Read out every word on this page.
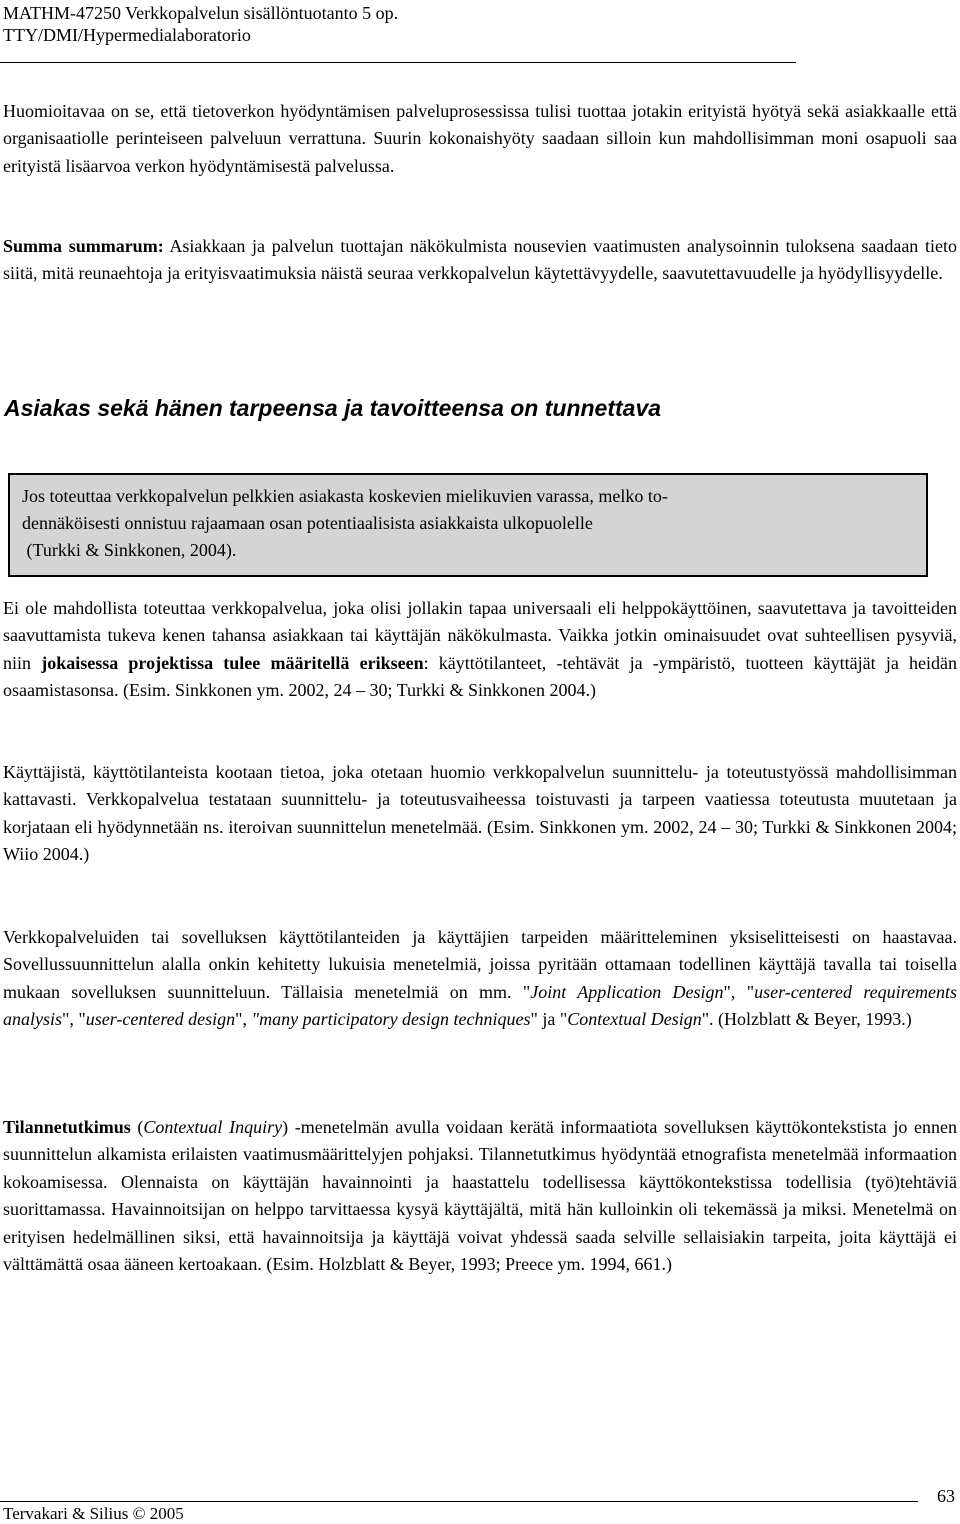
MATHM-47250 Verkkopalvelun sisällöntuotanto 5 op.
TTY/DMI/Hypermedialaboratorio

Huomioitavaa on se, että tietoverkon hyödyntämisen palveluprosessissa tulisi tuottaa jotakin erityistä hyötyä sekä asiakkaalle että organisaatiolle perinteiseen palveluun verrattuna. Suurin kokonaishyöty saadaan silloin kun mahdollisimman moni osapuoli saa erityistä lisäarvoa verkon hyödyntämisestä palvelussa.

Summa summarum: Asiakkaan ja palvelun tuottajan näkökulmista nousevien vaatimusten analysoinnin tuloksena saadaan tieto siitä, mitä reunaehtoja ja erityisvaatimuksia näistä seuraa verkkopalvelun käytettävyydelle, saavutettavuudelle ja hyödyllisyydelle.

Asiakas sekä hänen tarpeensa ja tavoitteensa on tunnettava
Jos toteuttaa verkkopalvelun pelkkien asiakasta koskevien mielikuvien varassa, melko to-
dennäköisesti onnistuu rajaamaan osan potentiaalisista asiakkaista ulkopuolelle
(Turkki & Sinkkonen, 2004).

Ei ole mahdollista toteuttaa verkkopalvelua, joka olisi jollakin tapaa universaali eli helppokäyttöinen, saavutettava ja tavoitteiden saavuttamista tukeva kenen tahansa asiakkaan tai käyttäjän näkökulmasta. Vaikka jotkin ominaisuudet ovat suhteellisen pysyviä, niin jokaisessa projektissa tulee määritellä erikseen: käyttötilanteet, -tehtävät ja -ympäristö, tuotteen käyttäjät ja heidän osaamistasonsa. (Esim. Sinkkonen ym. 2002, 24 – 30; Turkki & Sinkkonen 2004.)

Käyttäjistä, käyttötilanteista kootaan tietoa, joka otetaan huomio verkkopalvelun suunnittelu- ja toteutustyössä mahdollisimman kattavasti. Verkkopalvelua testataan suunnittelu- ja toteutusvaiheessa toistuvasti ja tarpeen vaatiessa toteutusta muutetaan ja korjataan eli hyödynnetään ns. iteroivan suunnittelun menetelmää. (Esim. Sinkkonen ym. 2002, 24 – 30; Turkki & Sinkkonen 2004; Wiio 2004.)

Verkkopalveluiden tai sovelluksen käyttötilanteiden ja käyttäjien tarpeiden määritteleminen yksiselitteisesti on haastavaa. Sovellussuunnittelun alalla onkin kehitetty lukuisia menetelmiä, joissa pyritään ottamaan todellinen käyttäjä tavalla tai toisella mukaan sovelluksen suunnitteluun. Tällaisia menetelmiä on mm. "Joint Application Design", "user-centered requirements analysis", "user-centered design", "many participatory design techniques" ja "Contextual Design". (Holzblatt & Beyer, 1993.)

Tilannetutkimus (Contextual Inquiry) -menetelmän avulla voidaan kerätä informaatiota sovelluksen käyttökontekstista jo ennen suunnittelun alkamista erilaisten vaatimusmäärittelyjen pohjaksi. Tilannetutkimus hyödyntää etnografista menetelmää informaation kokoamisessa. Olennaista on käyttäjän havainnointi ja haastattelu todellisessa käyttökontekstissa todellisia (työ)tehtäviä suorittamassa. Havainnoitsijan on helppo tarvittaessa kysyä käyttäjältä, mitä hän kulloinkin oli tekemässä ja miksi. Menetelmä on erityisen hedelmällinen siksi, että havainnoitsija ja käyttäjä voivat yhdessä saada selville sellaisiakin tarpeita, joita käyttäjä ei välttämättä osaa ääneen kertoakaan. (Esim. Holzblatt & Beyer, 1993; Preece ym. 1994, 661.)

63
Tervakari & Silius © 2005
